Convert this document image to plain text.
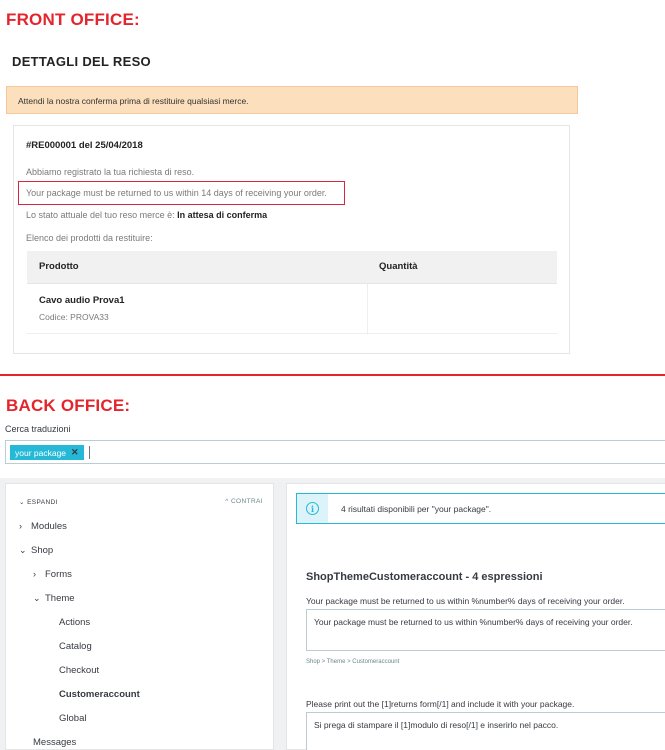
FRONT OFFICE:
DETTAGLI DEL RESO
Attendi la nostra conferma prima di restituire qualsiasi merce.
#RE000001 del 25/04/2018
Abbiamo registrato la tua richiesta di reso.
Your package must be returned to us within 14 days of receiving your order.
Lo stato attuale del tuo reso merce è: In attesa di conferma
Elenco dei prodotti da restituire:
Prodotto	Quantità

Cavo audio Prova1
Codice: PROVA33	

BACK OFFICE:
Cerca traduzioni
your package ✕
⌄ ESPANDI	^ CONTRAI
› Modules
⌄ Shop
› Forms
⌄ Theme
Actions
Catalog
Checkout
Customeraccount
Global
Messages
i	4 risultati disponibili per "your package".
ShopThemeCustomeraccount - 4 espressioni
Your package must be returned to us within %number% days of receiving your order.
Your package must be returned to us within %number% days of receiving your order.
Shop > Theme > Customeraccount
Please print out the [1]returns form[/1] and include it with your package.
Si prega di stampare il [1]modulo di reso[/1] e inserirlo nel pacco.
